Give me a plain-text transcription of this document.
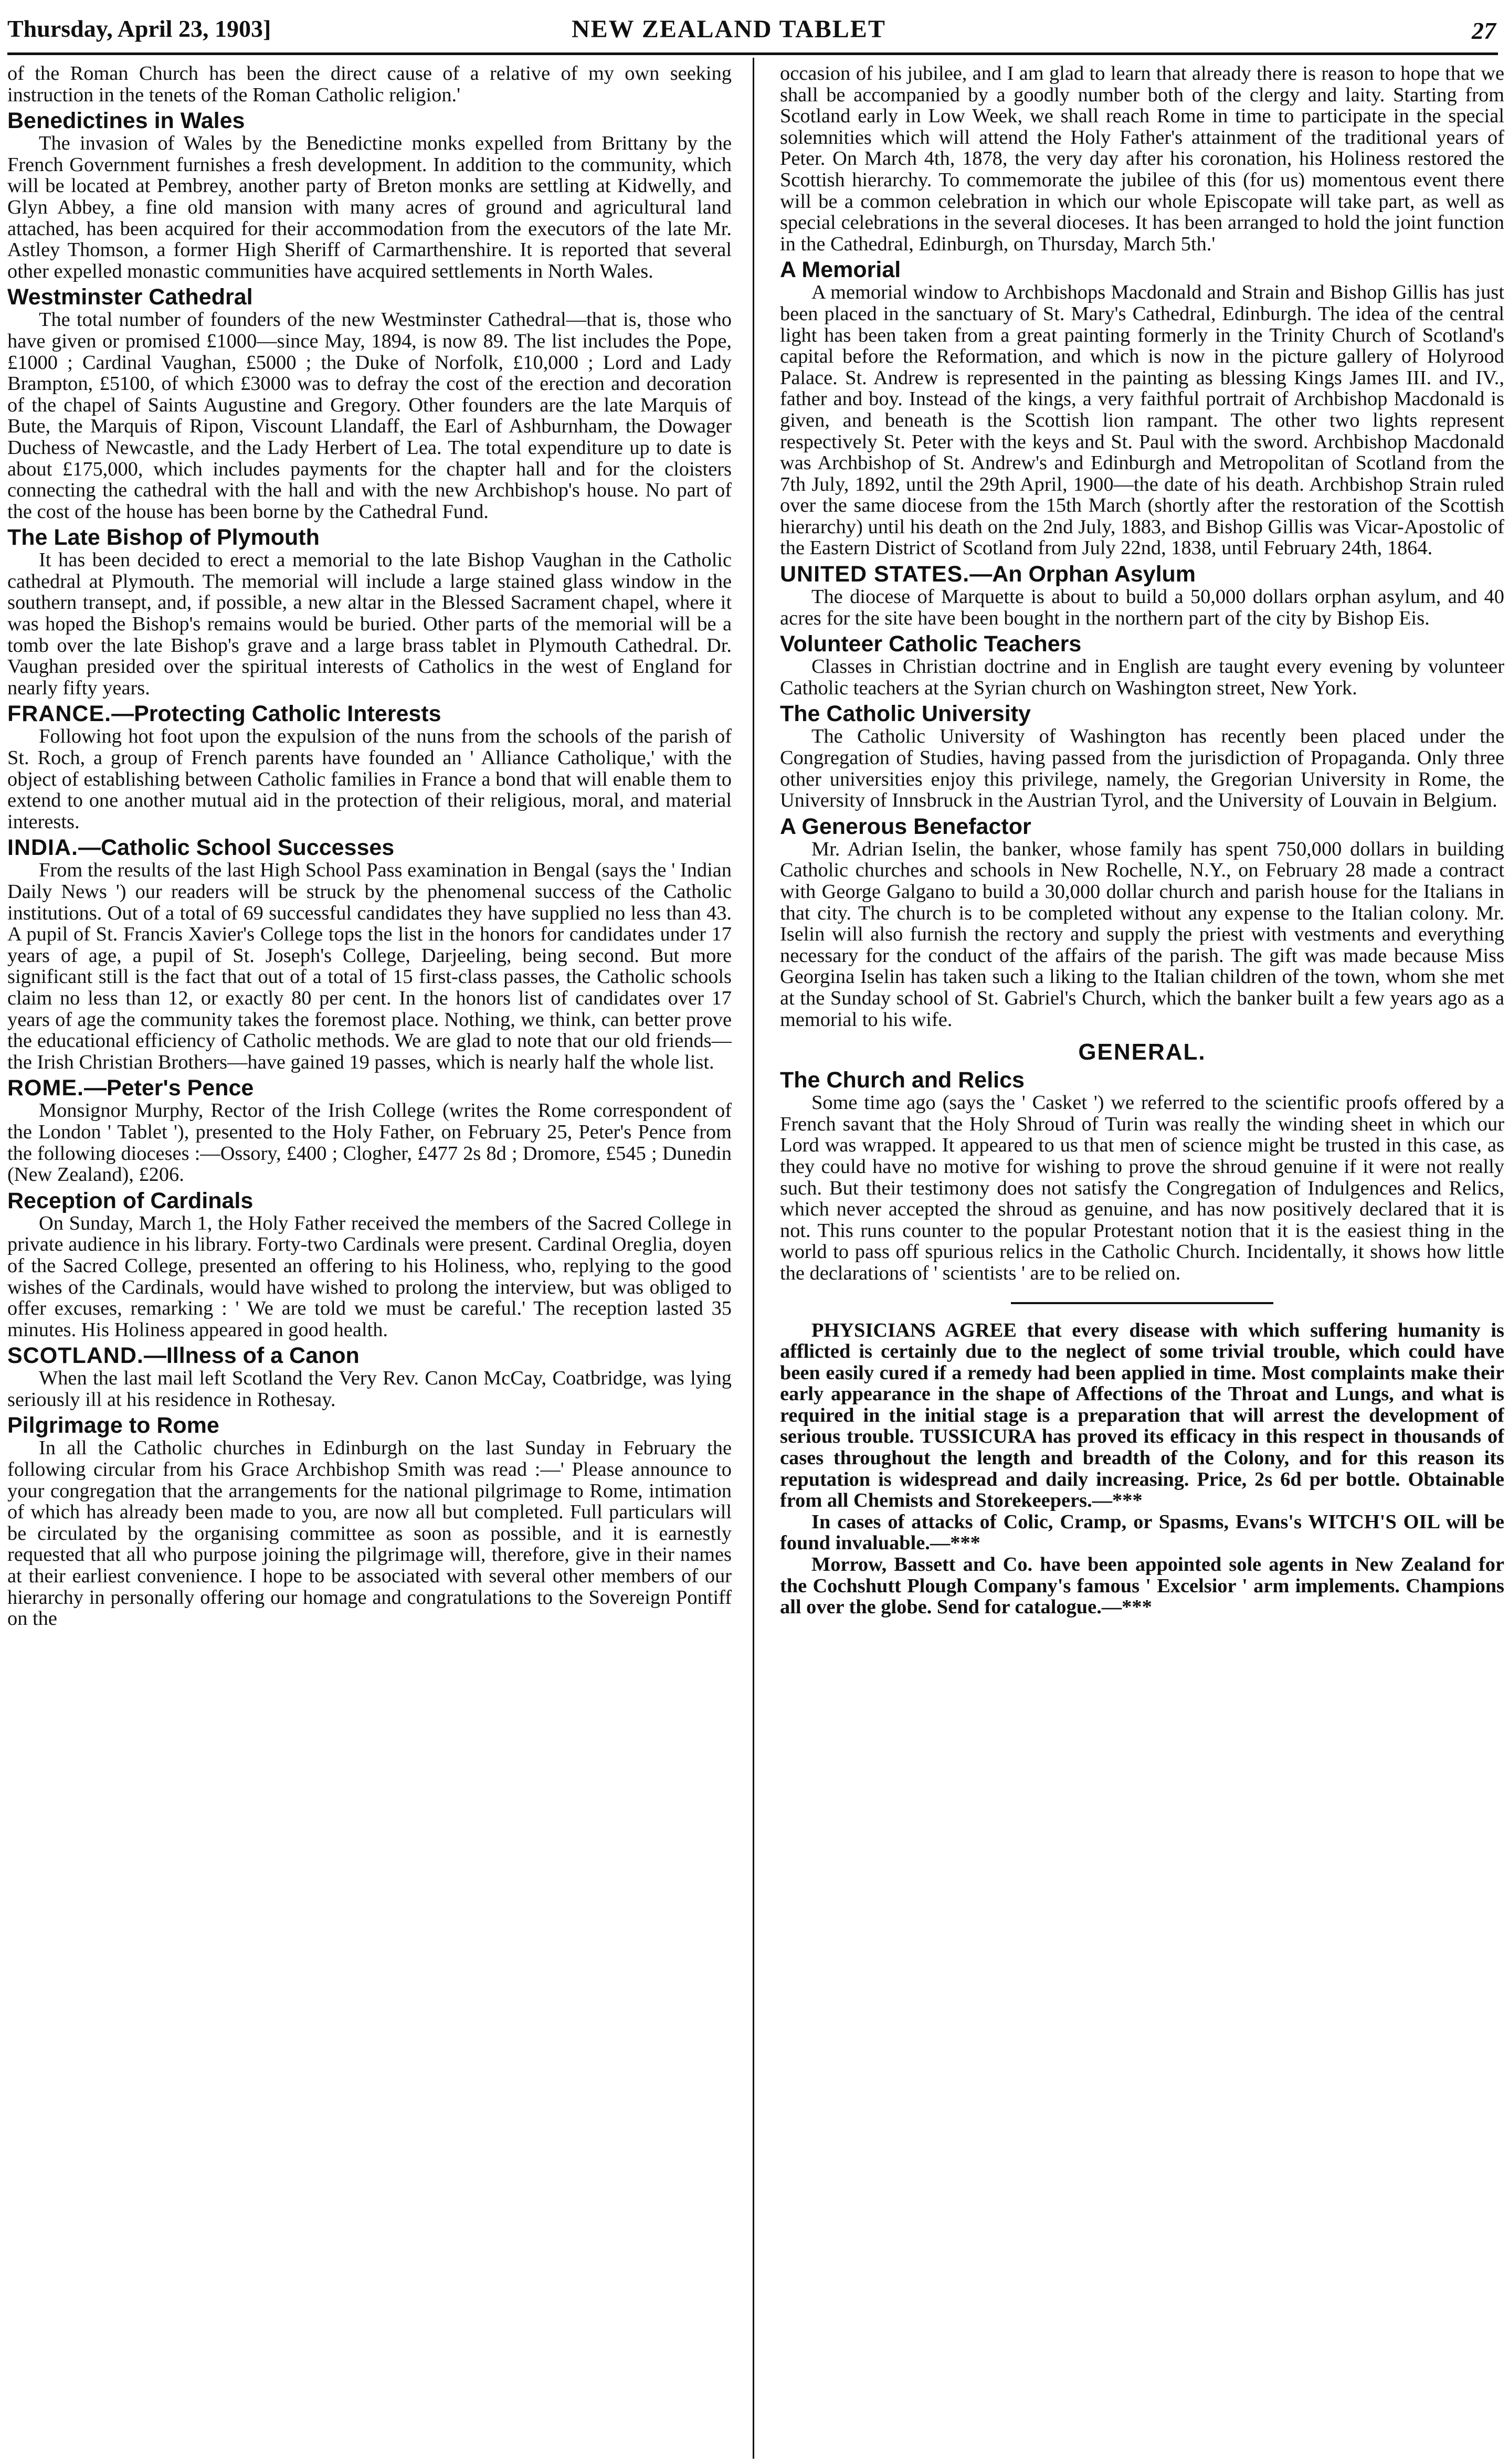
Thursday, April 23, 1903]	NEW ZEALAND TABLET	27

of the Roman Church has been the direct cause of a relative of my own seeking instruction in the tenets of the Roman Catholic religion.'

Benedictines in Wales

The invasion of Wales by the Benedictine monks expelled from Brittany by the French Government furnishes a fresh development. In addition to the community, which will be located at Pembrey, another party of Breton monks are settling at Kidwelly, and Glyn Abbey, a fine old mansion with many acres of ground and agricultural land attached, has been acquired for their accommodation from the executors of the late Mr. Astley Thomson, a former High Sheriff of Carmarthenshire. It is reported that several other expelled monastic communities have acquired settlements in North Wales.

Westminster Cathedral

The total number of founders of the new Westminster Cathedral—that is, those who have given or promised £1000—since May, 1894, is now 89. The list includes the Pope, £1000 ; Cardinal Vaughan, £5000 ; the Duke of Norfolk, £10,000 ; Lord and Lady Brampton, £5100, of which £3000 was to defray the cost of the erection and decoration of the chapel of Saints Augustine and Gregory. Other founders are the late Marquis of Bute, the Marquis of Ripon, Viscount Llandaff, the Earl of Ashburnham, the Dowager Duchess of Newcastle, and the Lady Herbert of Lea. The total expenditure up to date is about £175,000, which includes payments for the chapter hall and for the cloisters connecting the cathedral with the hall and with the new Archbishop's house. No part of the cost of the house has been borne by the Cathedral Fund.

The Late Bishop of Plymouth

It has been decided to erect a memorial to the late Bishop Vaughan in the Catholic cathedral at Plymouth. The memorial will include a large stained glass window in the southern transept, and, if possible, a new altar in the Blessed Sacrament chapel, where it was hoped the Bishop's remains would be buried. Other parts of the memorial will be a tomb over the late Bishop's grave and a large brass tablet in Plymouth Cathedral. Dr. Vaughan presided over the spiritual interests of Catholics in the west of England for nearly fifty years.

FRANCE.—Protecting Catholic Interests

Following hot foot upon the expulsion of the nuns from the schools of the parish of St. Roch, a group of French parents have founded an ' Alliance Catholique,' with the object of establishing between Catholic families in France a bond that will enable them to extend to one another mutual aid in the protection of their religious, moral, and material interests.

INDIA.—Catholic School Successes

From the results of the last High School Pass examination in Bengal (says the ' Indian Daily News ') our readers will be struck by the phenomenal success of the Catholic institutions. Out of a total of 69 successful candidates they have supplied no less than 43. A pupil of St. Francis Xavier's College tops the list in the honors for candidates under 17 years of age, a pupil of St. Joseph's College, Darjeeling, being second. But more significant still is the fact that out of a total of 15 first-class passes, the Catholic schools claim no less than 12, or exactly 80 per cent. In the honors list of candidates over 17 years of age the community takes the foremost place. Nothing, we think, can better prove the educational efficiency of Catholic methods. We are glad to note that our old friends—the Irish Christian Brothers—have gained 19 passes, which is nearly half the whole list.

ROME.—Peter's Pence

Monsignor Murphy, Rector of the Irish College (writes the Rome correspondent of the London ' Tablet '), presented to the Holy Father, on February 25, Peter's Pence from the following dioceses :—Ossory, £400 ; Clogher, £477 2s 8d ; Dromore, £545 ; Dunedin (New Zealand), £206.

Reception of Cardinals

On Sunday, March 1, the Holy Father received the members of the Sacred College in private audience in his library. Forty-two Cardinals were present. Cardinal Oreglia, doyen of the Sacred College, presented an offering to his Holiness, who, replying to the good wishes of the Cardinals, would have wished to prolong the interview, but was obliged to offer excuses, remarking : ' We are told we must be careful.' The reception lasted 35 minutes. His Holiness appeared in good health.

SCOTLAND.—Illness of a Canon

When the last mail left Scotland the Very Rev. Canon McCay, Coatbridge, was lying seriously ill at his residence in Rothesay.

Pilgrimage to Rome

In all the Catholic churches in Edinburgh on the last Sunday in February the following circular from his Grace Archbishop Smith was read :—' Please announce to your congregation that the arrangements for the national pilgrimage to Rome, intimation of which has already been made to you, are now all but completed. Full particulars will be circulated by the organising committee as soon as possible, and it is earnestly requested that all who purpose joining the pilgrimage will, therefore, give in their names at their earliest convenience. I hope to be associated with several other members of our hierarchy in personally offering our homage and congratulations to the Sovereign Pontiff on the

occasion of his jubilee, and I am glad to learn that already there is reason to hope that we shall be accompanied by a goodly number both of the clergy and laity. Starting from Scotland early in Low Week, we shall reach Rome in time to participate in the special solemnities which will attend the Holy Father's attainment of the traditional years of Peter. On March 4th, 1878, the very day after his coronation, his Holiness restored the Scottish hierarchy. To commemorate the jubilee of this (for us) momentous event there will be a common celebration in which our whole Episcopate will take part, as well as special celebrations in the several dioceses. It has been arranged to hold the joint function in the Cathedral, Edinburgh, on Thursday, March 5th.'

A Memorial

A memorial window to Archbishops Macdonald and Strain and Bishop Gillis has just been placed in the sanctuary of St. Mary's Cathedral, Edinburgh. The idea of the central light has been taken from a great painting formerly in the Trinity Church of Scotland's capital before the Reformation, and which is now in the picture gallery of Holyrood Palace. St. Andrew is represented in the painting as blessing Kings James III. and IV., father and boy. Instead of the kings, a very faithful portrait of Archbishop Macdonald is given, and beneath is the Scottish lion rampant. The other two lights represent respectively St. Peter with the keys and St. Paul with the sword. Archbishop Macdonald was Archbishop of St. Andrew's and Edinburgh and Metropolitan of Scotland from the 7th July, 1892, until the 29th April, 1900—the date of his death. Archbishop Strain ruled over the same diocese from the 15th March (shortly after the restoration of the Scottish hierarchy) until his death on the 2nd July, 1883, and Bishop Gillis was Vicar-Apostolic of the Eastern District of Scotland from July 22nd, 1838, until February 24th, 1864.

UNITED STATES.—An Orphan Asylum

The diocese of Marquette is about to build a 50,000 dollars orphan asylum, and 40 acres for the site have been bought in the northern part of the city by Bishop Eis.

Volunteer Catholic Teachers

Classes in Christian doctrine and in English are taught every evening by volunteer Catholic teachers at the Syrian church on Washington street, New York.

The Catholic University

The Catholic University of Washington has recently been placed under the Congregation of Studies, having passed from the jurisdiction of Propaganda. Only three other universities enjoy this privilege, namely, the Gregorian University in Rome, the University of Innsbruck in the Austrian Tyrol, and the University of Louvain in Belgium.

A Generous Benefactor

Mr. Adrian Iselin, the banker, whose family has spent 750,000 dollars in building Catholic churches and schools in New Rochelle, N.Y., on February 28 made a contract with George Galgano to build a 30,000 dollar church and parish house for the Italians in that city. The church is to be completed without any expense to the Italian colony. Mr. Iselin will also furnish the rectory and supply the priest with vestments and everything necessary for the conduct of the affairs of the parish. The gift was made because Miss Georgina Iselin has taken such a liking to the Italian children of the town, whom she met at the Sunday school of St. Gabriel's Church, which the banker built a few years ago as a memorial to his wife.

GENERAL.
The Church and Relics

Some time ago (says the ' Casket ') we referred to the scientific proofs offered by a French savant that the Holy Shroud of Turin was really the winding sheet in which our Lord was wrapped. It appeared to us that men of science might be trusted in this case, as they could have no motive for wishing to prove the shroud genuine if it were not really such. But their testimony does not satisfy the Congregation of Indulgences and Relics, which never accepted the shroud as genuine, and has now positively declared that it is not. This runs counter to the popular Protestant notion that it is the easiest thing in the world to pass off spurious relics in the Catholic Church. Incidentally, it shows how little the declarations of ' scientists ' are to be relied on.

PHYSICIANS AGREE that every disease with which suffering humanity is afflicted is certainly due to the neglect of some trivial trouble, which could have been easily cured if a remedy had been applied in time. Most complaints make their early appearance in the shape of Affections of the Throat and Lungs, and what is required in the initial stage is a preparation that will arrest the development of serious trouble. TUSSICURA has proved its efficacy in this respect in thousands of cases throughout the length and breadth of the Colony, and for this reason its reputation is widespread and daily increasing. Price, 2s 6d per bottle. Obtainable from all Chemists and Storekeepers.—***

In cases of attacks of Colic, Cramp, or Spasms, Evans's WITCH'S OIL will be found invaluable.—***

Morrow, Bassett and Co. have been appointed sole agents in New Zealand for the Cochshutt Plough Company's famous ' Excelsior ' arm implements. Champions all over the globe. Send for catalogue.—***
